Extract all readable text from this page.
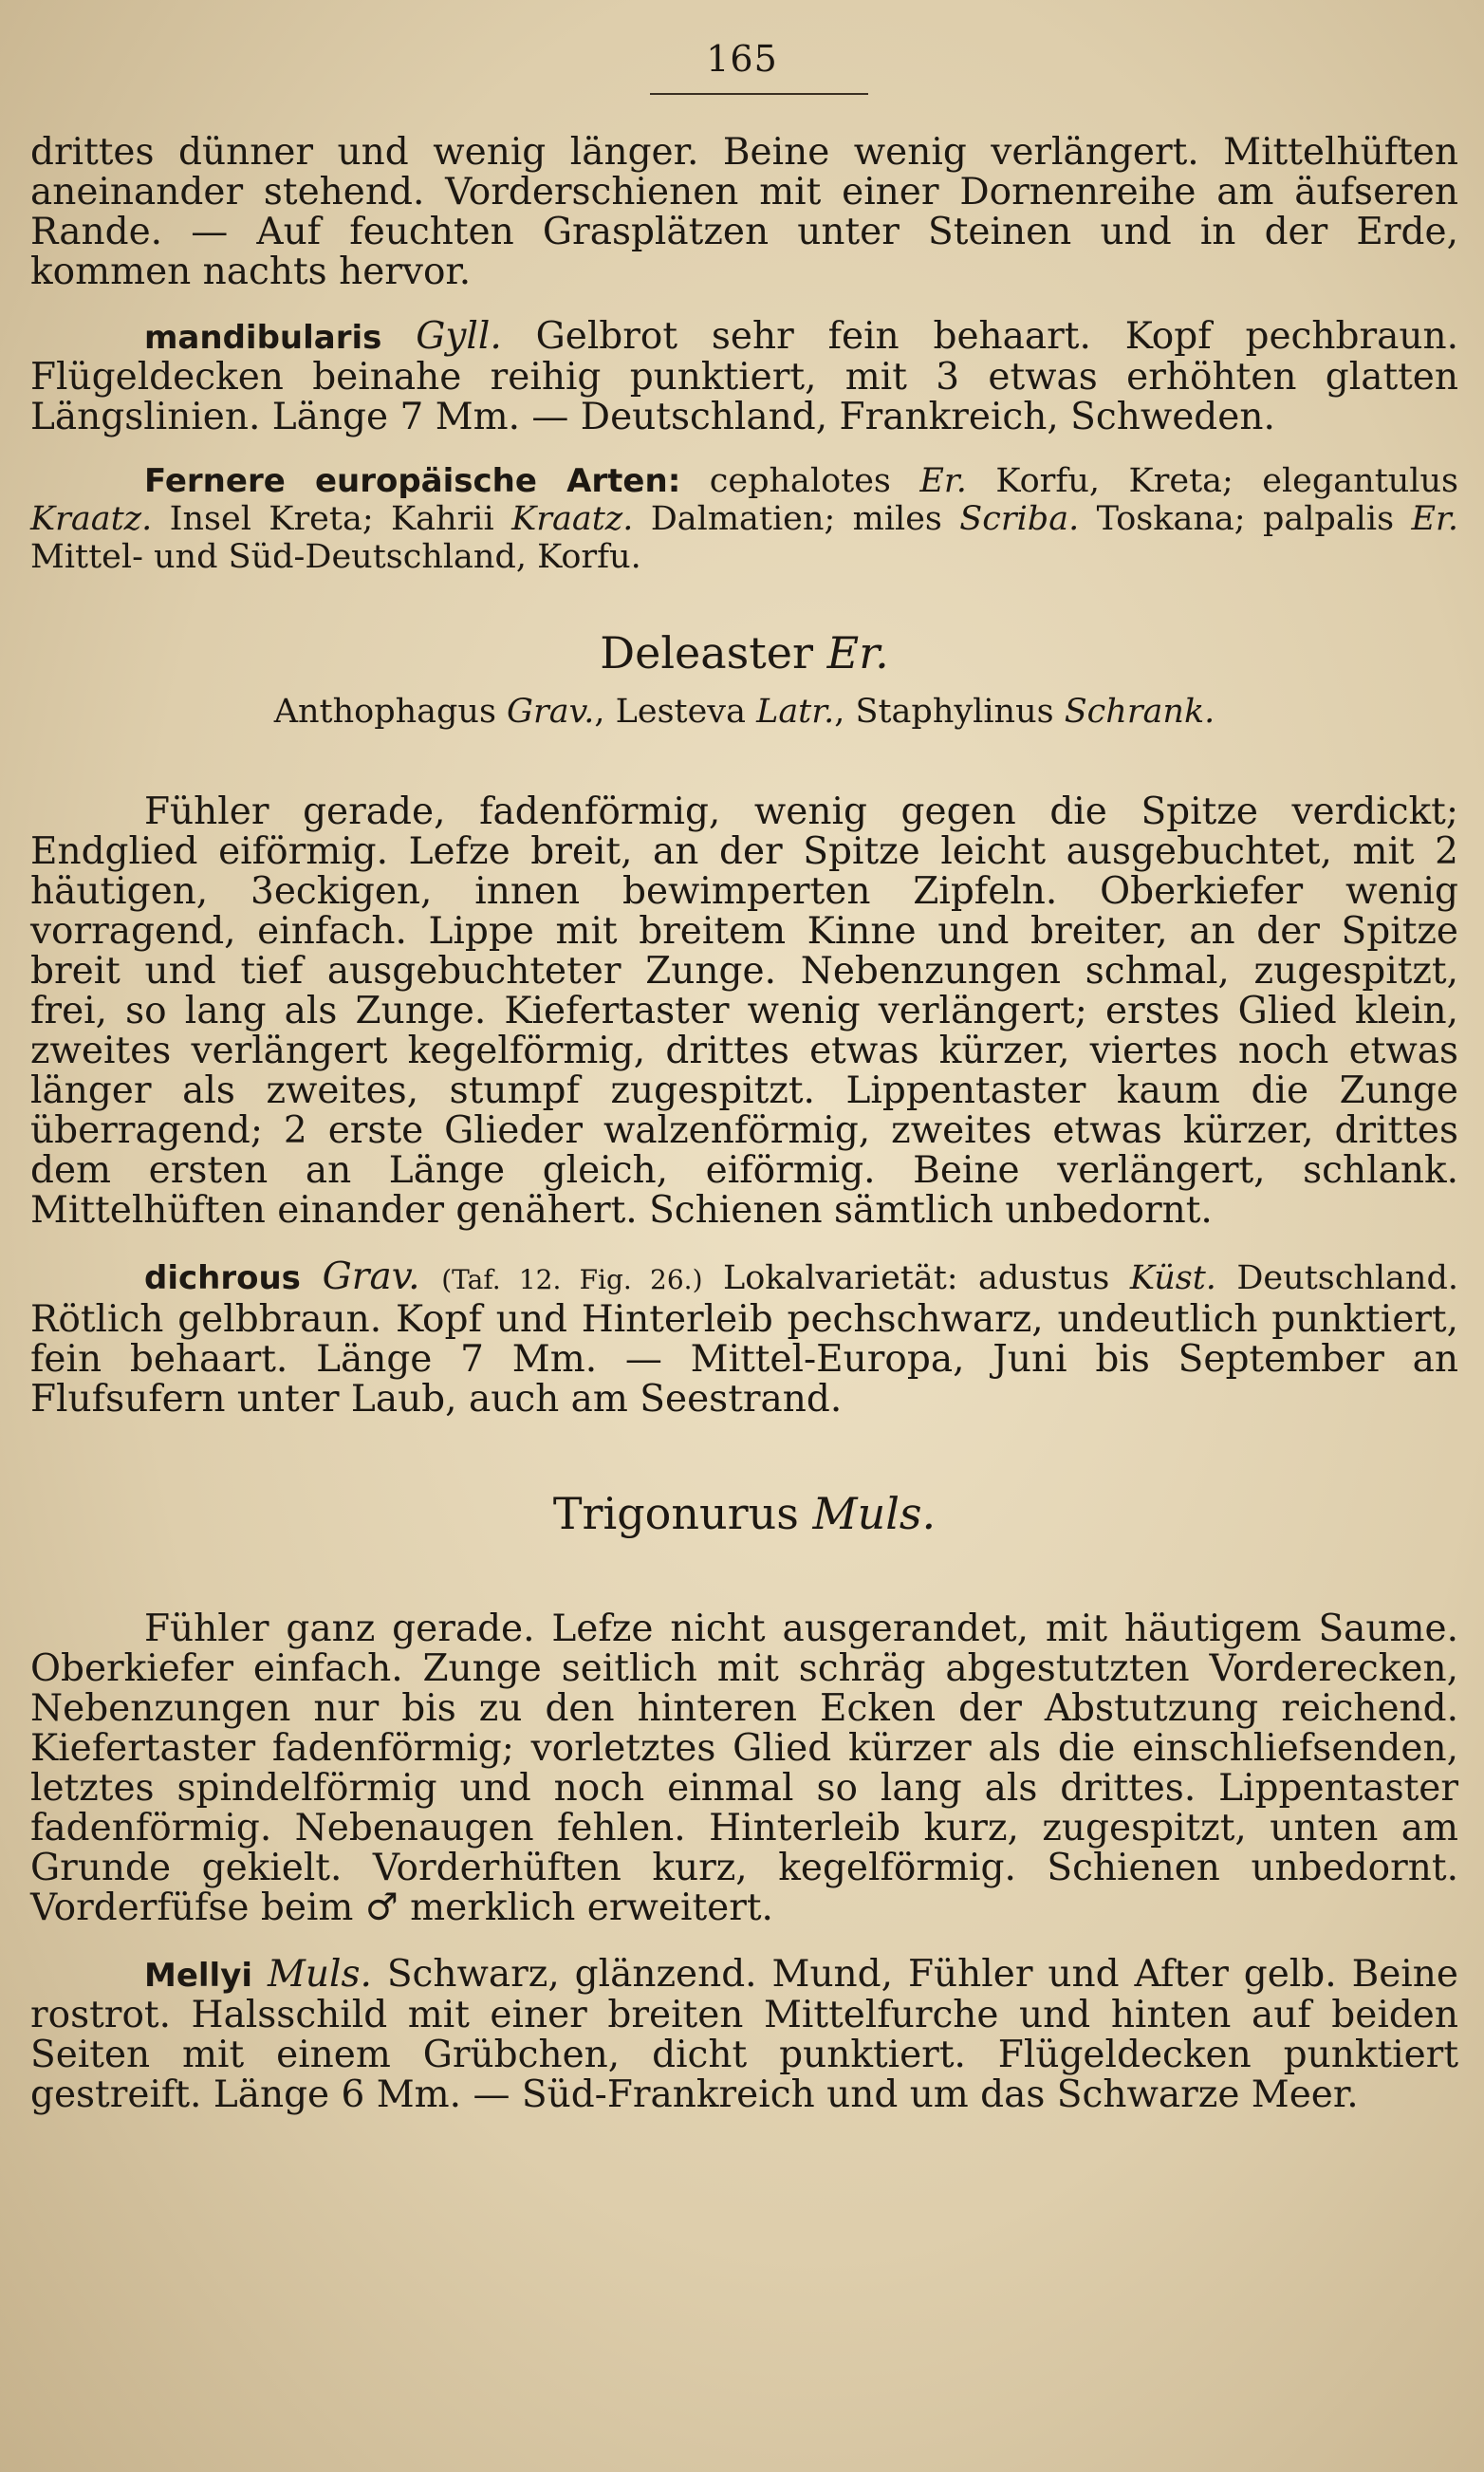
165

drittes dünner und wenig länger. Beine wenig verlängert. Mittelhüften aneinander stehend. Vorderschienen mit einer Dornenreihe am äufseren Rande. — Auf feuchten Grasplätzen unter Steinen und in der Erde, kommen nachts hervor.

mandibularis Gyll. Gelbrot sehr fein behaart. Kopf pechbraun. Flügeldecken beinahe reihig punktiert, mit 3 etwas erhöhten glatten Längslinien. Länge 7 Mm. — Deutschland, Frankreich, Schweden.

Fernere europäische Arten: cephalotes Er. Korfu, Kreta; elegantulus Kraatz. Insel Kreta; Kahrii Kraatz. Dalmatien; miles Scriba. Toskana; palpalis Er. Mittel- und Süd-Deutschland, Korfu.

Deleaster Er.

Anthophagus Grav., Lesteva Latr., Staphylinus Schrank.

Fühler gerade, fadenförmig, wenig gegen die Spitze verdickt; Endglied eiförmig. Lefze breit, an der Spitze leicht ausgebuchtet, mit 2 häutigen, 3eckigen, innen bewimperten Zipfeln. Oberkiefer wenig vorragend, einfach. Lippe mit breitem Kinne und breiter, an der Spitze breit und tief ausgebuchteter Zunge. Nebenzungen schmal, zugespitzt, frei, so lang als Zunge. Kiefertaster wenig verlängert; erstes Glied klein, zweites verlängert kegelförmig, drittes etwas kürzer, viertes noch etwas länger als zweites, stumpf zugespitzt. Lippentaster kaum die Zunge überragend; 2 erste Glieder walzenförmig, zweites etwas kürzer, drittes dem ersten an Länge gleich, eiförmig. Beine verlängert, schlank. Mittelhüften einander genähert. Schienen sämtlich unbedornt.

dichrous Grav. (Taf. 12. Fig. 26.) Lokalvarietät: adustus Küst. Deutschland. Rötlich gelbbraun. Kopf und Hinterleib pechschwarz, undeutlich punktiert, fein behaart. Länge 7 Mm. — Mittel-Europa, Juni bis September an Flufsufern unter Laub, auch am Seestrand.

Trigonurus Muls.

Fühler ganz gerade. Lefze nicht ausgerandet, mit häutigem Saume. Oberkiefer einfach. Zunge seitlich mit schräg abgestutzten Vorderecken, Nebenzungen nur bis zu den hinteren Ecken der Abstutzung reichend. Kiefertaster fadenförmig; vorletztes Glied kürzer als die einschliefsenden, letztes spindelförmig und noch einmal so lang als drittes. Lippentaster fadenförmig. Nebenaugen fehlen. Hinterleib kurz, zugespitzt, unten am Grunde gekielt. Vorderhüften kurz, kegelförmig. Schienen unbedornt. Vorderfüfse beim ♂ merklich erweitert.

Mellyi Muls. Schwarz, glänzend. Mund, Fühler und After gelb. Beine rostrot. Halsschild mit einer breiten Mittelfurche und hinten auf beiden Seiten mit einem Grübchen, dicht punktiert. Flügeldecken punktiert gestreift. Länge 6 Mm. — Süd-Frankreich und um das Schwarze Meer.
